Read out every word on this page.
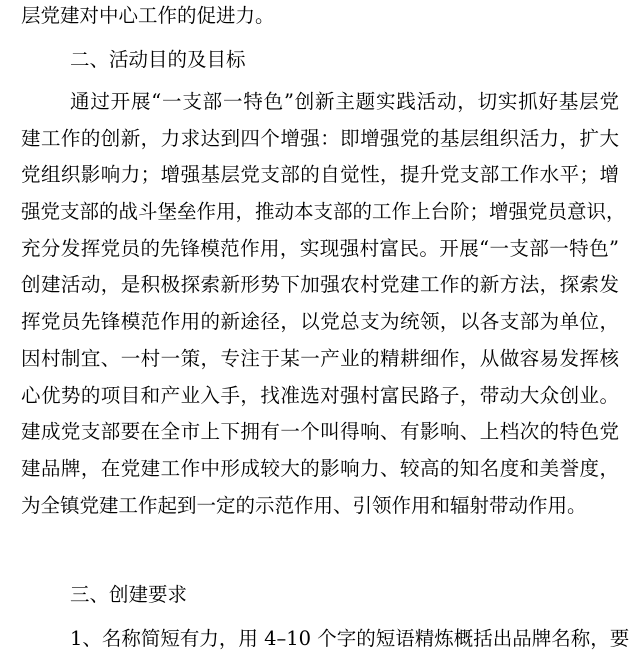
层党建对中心工作的促进力。
二、活动目的及目标
通过开展“一支部一特色”创新主题实践活动，切实抓好基层党
建工作的创新，力求达到四个增强：即增强党的基层组织活力，扩大
党组织影响力；增强基层党支部的自觉性，提升党支部工作水平；增
强党支部的战斗堡垒作用，推动本支部的工作上台阶；增强党员意识，
充分发挥党员的先锋模范作用，实现强村富民。开展“一支部一特色”
创建活动，是积极探索新形势下加强农村党建工作的新方法，探索发
挥党员先锋模范作用的新途径，以党总支为统领，以各支部为单位，
因村制宜、一村一策，专注于某一产业的精耕细作，从做容易发挥核
心优势的项目和产业入手，找准选对强村富民路子，带动大众创业。
建成党支部要在全市上下拥有一个叫得响、有影响、上档次的特色党
建品牌，在党建工作中形成较大的影响力、较高的知名度和美誉度，
为全镇党建工作起到一定的示范作用、引领作用和辐射带动作用。
三、创建要求
1、名称简短有力，用 4–10 个字的短语精炼概括出品牌名称，要
